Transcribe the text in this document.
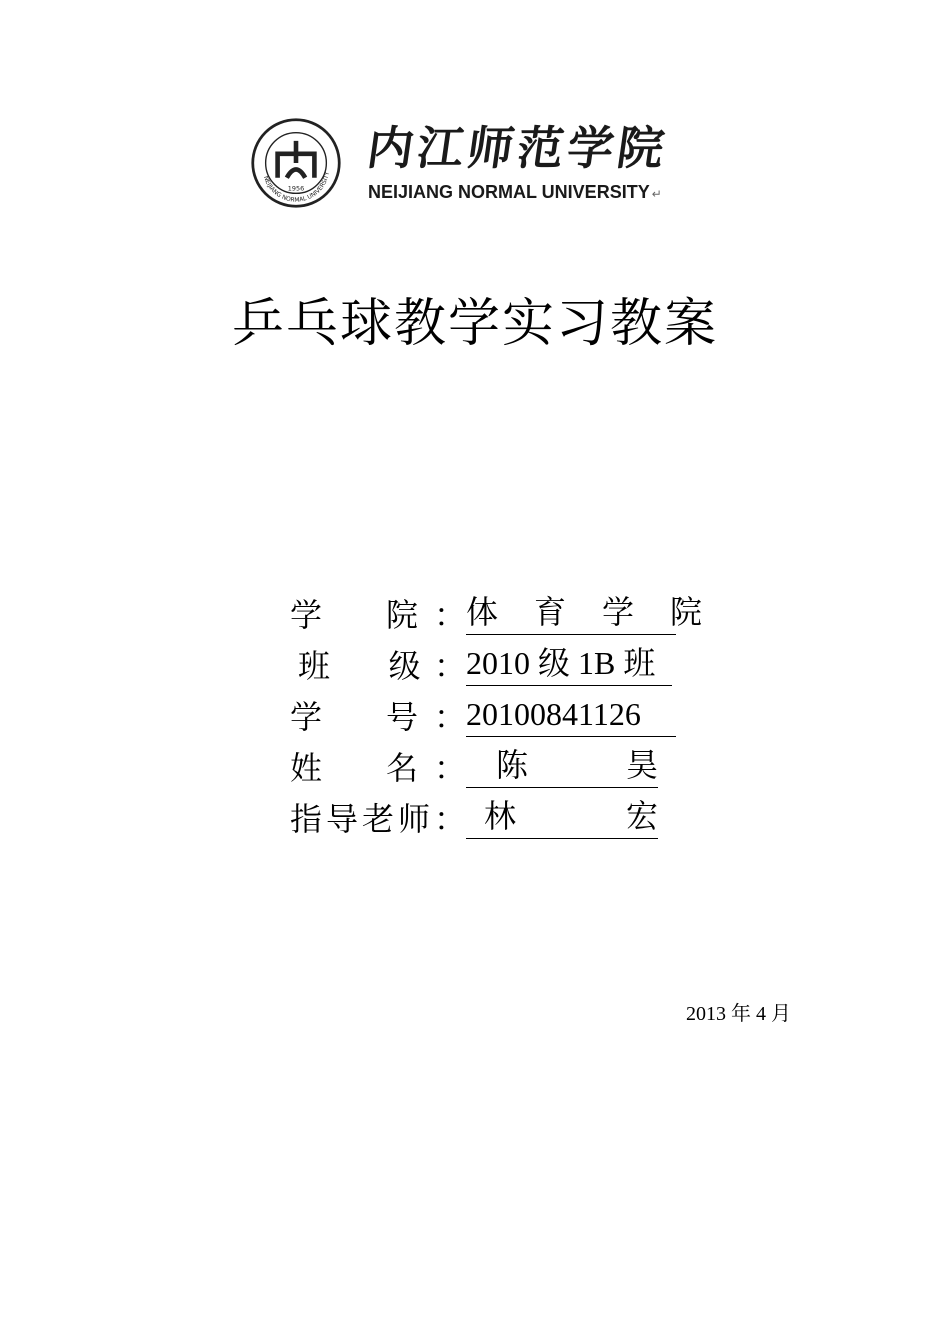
1956
NEIJIANG NORMAL UNIVERSITY 内江师范学院
NEIJIANG NORMAL UNIVERSITY ↵
乒乓球教学实习教案
学　院： 体 育 学 院
班　级： 2010 级 1B 班
学　号： 20100841126
姓　名： 陈	昊
指导老师： 林	宏
2013 年 4 月
